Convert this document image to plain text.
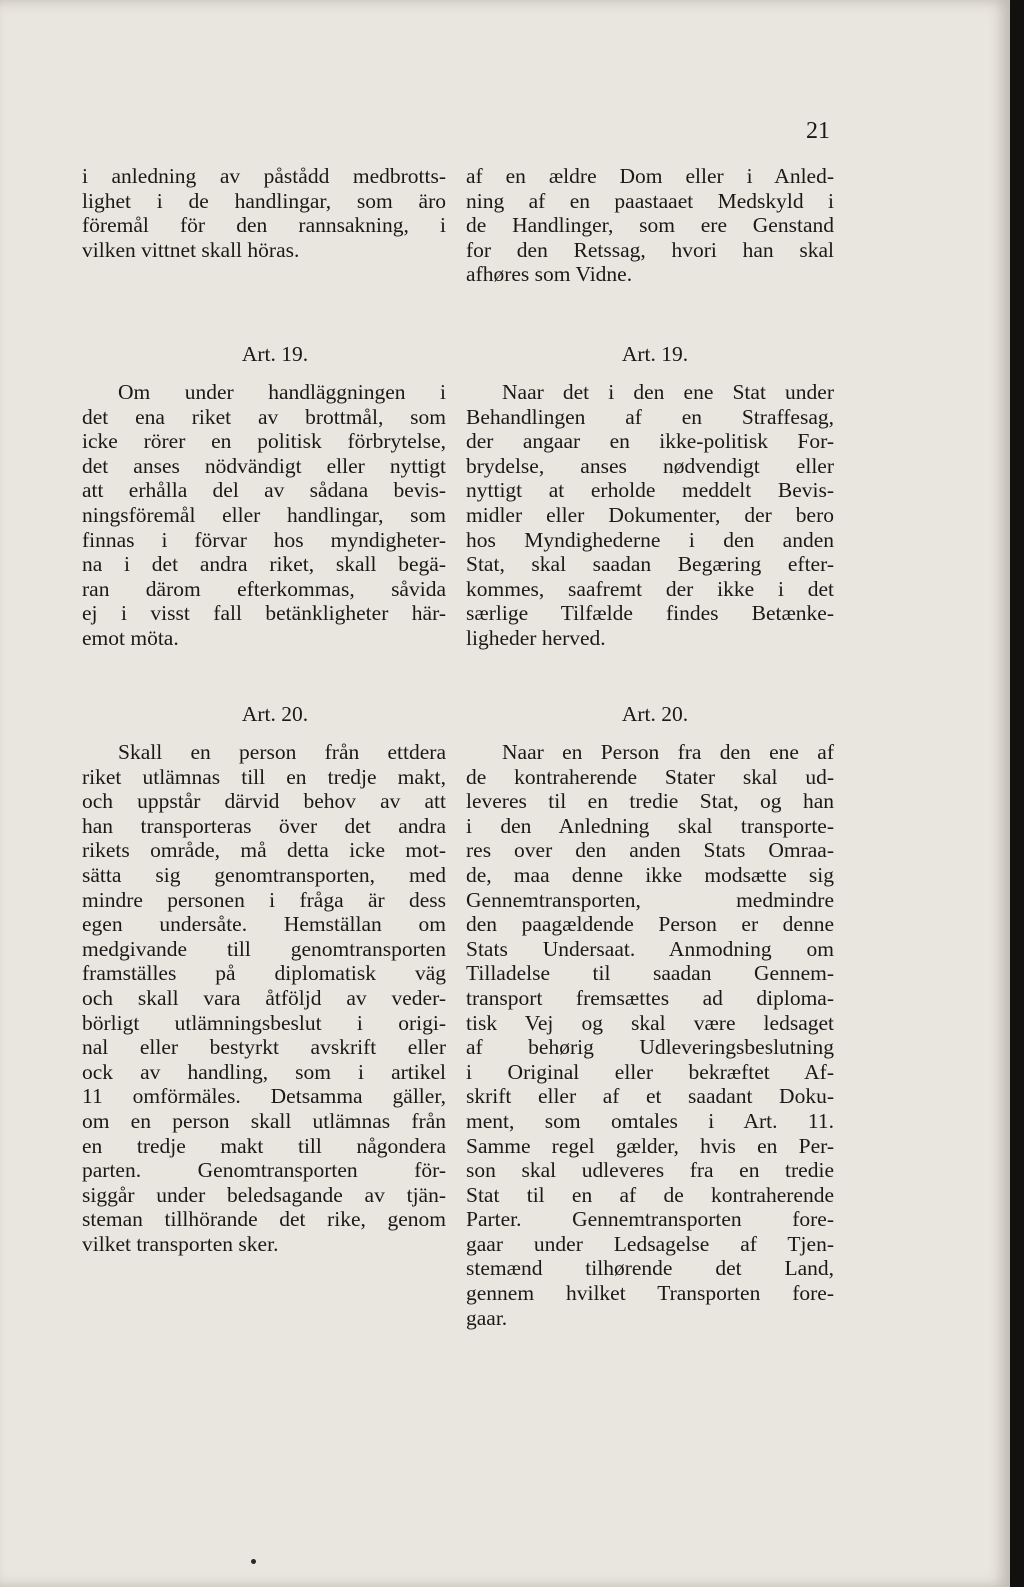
21
i anledning av påstådd medbrotts-
lighet i de handlingar, som äro
föremål för den rannsakning, i
vilken vittnet skall höras.
Art. 19.
Om under handläggningen i
det ena riket av brottmål, som
icke rörer en politisk förbrytelse,
det anses nödvändigt eller nyttigt
att erhålla del av sådana bevis-
ningsföremål eller handlingar, som
finnas i förvar hos myndigheter-
na i det andra riket, skall begä-
ran därom efterkommas, såvida
ej i visst fall betänkligheter här-
emot möta.
Art. 20.
Skall en person från ettdera
riket utlämnas till en tredje makt,
och uppstår därvid behov av att
han transporteras över det andra
rikets område, må detta icke mot-
sätta sig genomtransporten, med
mindre personen i fråga är dess
egen undersåte. Hemställan om
medgivande till genomtransporten
framställes på diplomatisk väg
och skall vara åtföljd av veder-
börligt utlämningsbeslut i origi-
nal eller bestyrkt avskrift eller
ock av handling, som i artikel
11 omförmäles. Detsamma gäller,
om en person skall utlämnas från
en tredje makt till någondera
parten. Genomtransporten för-
siggår under beledsagande av tjän-
steman tillhörande det rike, genom
vilket transporten sker.
af en ældre Dom eller i Anled-
ning af en paastaaet Medskyld i
de Handlinger, som ere Genstand
for den Retssag, hvori han skal
afhøres som Vidne.
Art. 19.
Naar det i den ene Stat under
Behandlingen af en Straffesag,
der angaar en ikke-politisk For-
brydelse, anses nødvendigt eller
nyttigt at erholde meddelt Bevis-
midler eller Dokumenter, der bero
hos Myndighederne i den anden
Stat, skal saadan Begæring efter-
kommes, saafremt der ikke i det
særlige Tilfælde findes Betænke-
ligheder herved.
Art. 20.
Naar en Person fra den ene af
de kontraherende Stater skal ud-
leveres til en tredie Stat, og han
i den Anledning skal transporte-
res over den anden Stats Omraa-
de, maa denne ikke modsætte sig
Gennemtransporten, medmindre
den paagældende Person er denne
Stats Undersaat. Anmodning om
Tilladelse til saadan Gennem-
transport fremsættes ad diploma-
tisk Vej og skal være ledsaget
af behørig Udleveringsbeslutning
i Original eller bekræftet Af-
skrift eller af et saadant Doku-
ment, som omtales i Art. 11.
Samme regel gælder, hvis en Per-
son skal udleveres fra en tredie
Stat til en af de kontraherende
Parter. Gennemtransporten fore-
gaar under Ledsagelse af Tjen-
stemænd tilhørende det Land,
gennem hvilket Transporten fore-
gaar.
